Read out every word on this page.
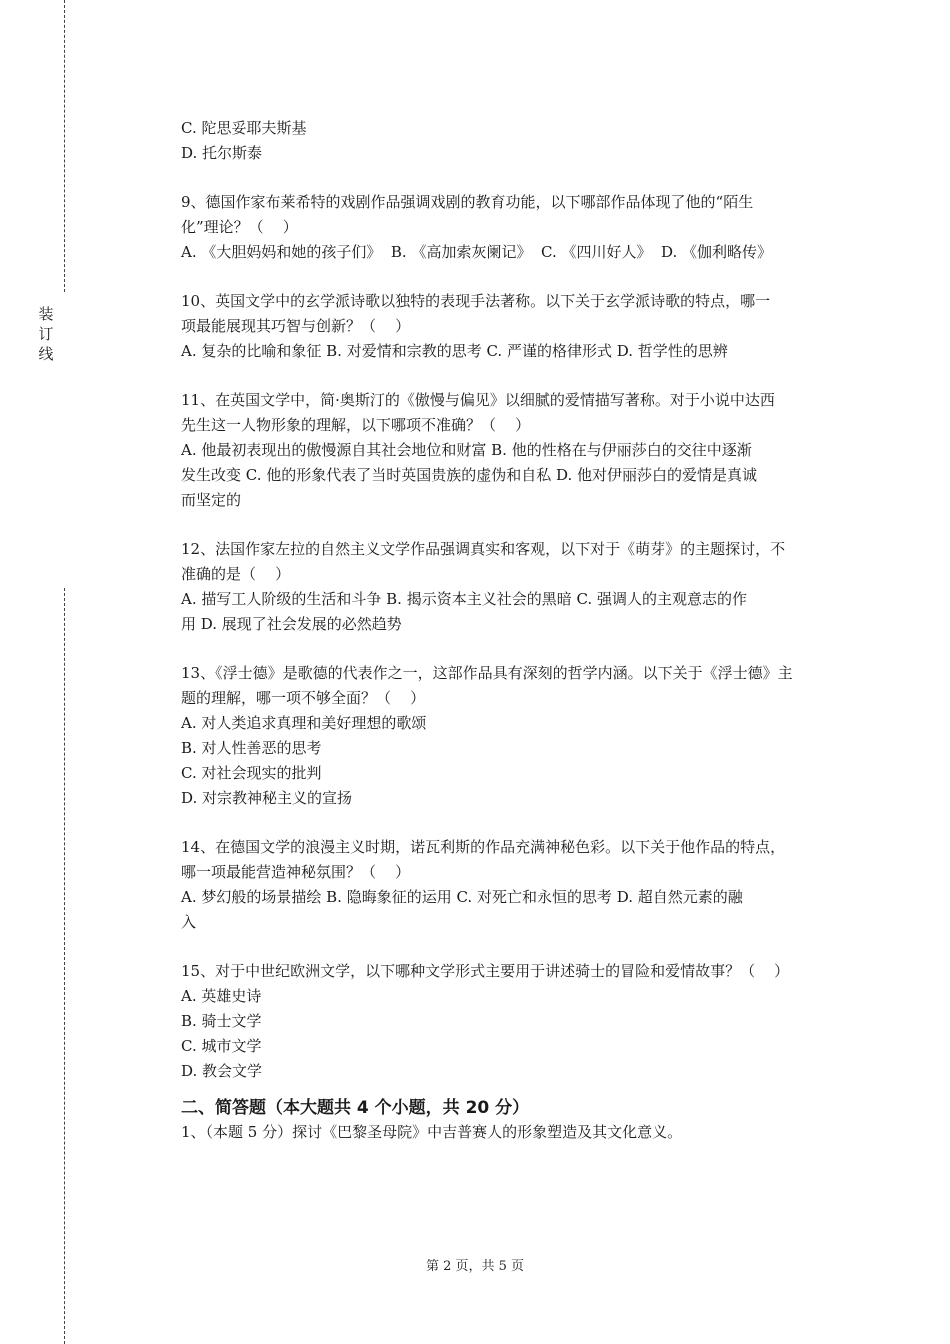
装
订
线
C. 陀思妥耶夫斯基
D. 托尔斯泰
9、德国作家布莱希特的戏剧作品强调戏剧的教育功能，以下哪部作品体现了他的“陌生
化”理论？（    ）
A. 《大胆妈妈和她的孩子们》  B. 《高加索灰阑记》  C. 《四川好人》  D. 《伽利略传》
10、英国文学中的玄学派诗歌以独特的表现手法著称。以下关于玄学派诗歌的特点，哪一
项最能展现其巧智与创新？（    ）
A. 复杂的比喻和象征 B. 对爱情和宗教的思考 C. 严谨的格律形式 D. 哲学性的思辨
11、在英国文学中，简·奥斯汀的《傲慢与偏见》以细腻的爱情描写著称。对于小说中达西
先生这一人物形象的理解，以下哪项不准确？（    ）
A. 他最初表现出的傲慢源自其社会地位和财富 B. 他的性格在与伊丽莎白的交往中逐渐
发生改变 C. 他的形象代表了当时英国贵族的虚伪和自私 D. 他对伊丽莎白的爱情是真诚
而坚定的
12、法国作家左拉的自然主义文学作品强调真实和客观，以下对于《萌芽》的主题探讨，不
准确的是（    ）
A. 描写工人阶级的生活和斗争 B. 揭示资本主义社会的黑暗 C. 强调人的主观意志的作
用 D. 展现了社会发展的必然趋势
13、《浮士德》是歌德的代表作之一，这部作品具有深刻的哲学内涵。以下关于《浮士德》主
题的理解，哪一项不够全面？（    ）
A. 对人类追求真理和美好理想的歌颂
B. 对人性善恶的思考
C. 对社会现实的批判
D. 对宗教神秘主义的宣扬
14、在德国文学的浪漫主义时期，诺瓦利斯的作品充满神秘色彩。以下关于他作品的特点，
哪一项最能营造神秘氛围？（    ）
A. 梦幻般的场景描绘 B. 隐晦象征的运用 C. 对死亡和永恒的思考 D. 超自然元素的融
入
15、对于中世纪欧洲文学，以下哪种文学形式主要用于讲述骑士的冒险和爱情故事？（    ）
A. 英雄史诗
B. 骑士文学
C. 城市文学
D. 教会文学
二、简答题（本大题共 4 个小题，共 20 分）
1、（本题 5 分）探讨《巴黎圣母院》中吉普赛人的形象塑造及其文化意义。
第 2 页，共 5 页
